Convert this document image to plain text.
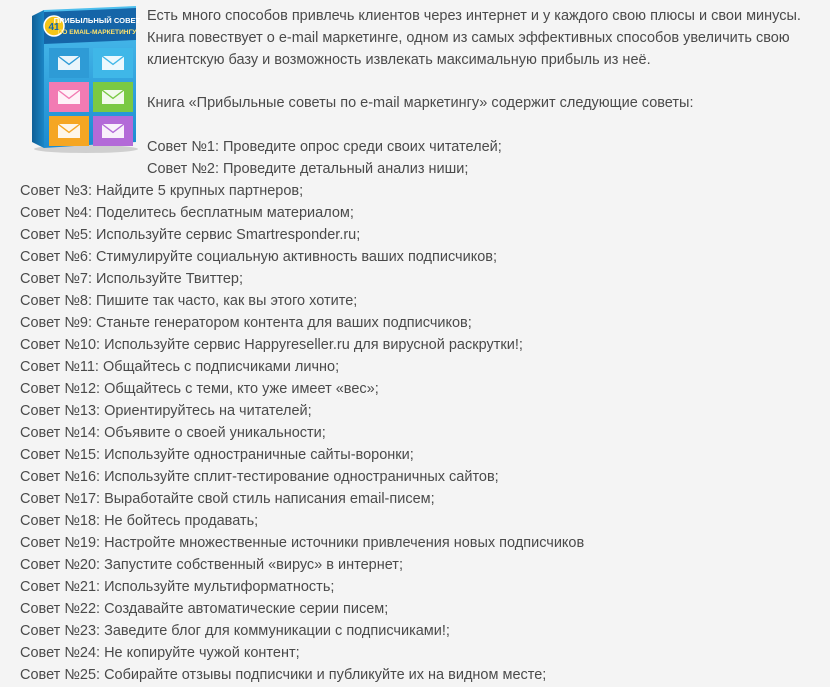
41
ПРИБЫЛЬНЫЙ СОВЕТ
ПО EMAIL-МАРКЕТИНГУ

Есть много способов привлечь клиентов через интернет и у каждого свою плюсы и свои минусы. Книга повествует о e-mail маркетинге, одном из самых эффективных способов увеличить свою клиентскую базу и возможность извлекать максимальную прибыль из неё.

Книга «Прибыльные советы по e-mail маркетингу» содержит следующие советы:

Совет №1: Проведите опрос среди своих читателей;
Совет №2: Проведите детальный анализ ниши;
Совет №3: Найдите 5 крупных партнеров;
Совет №4: Поделитесь бесплатным материалом;
Совет №5: Используйте сервис Smartresponder.ru;
Совет №6: Стимулируйте социальную активность ваших подписчиков;
Совет №7: Используйте Твиттер;
Совет №8: Пишите так часто, как вы этого хотите;
Совет №9: Станьте генератором контента для ваших подписчиков;
Совет №10: Используйте сервис Happyreseller.ru для вирусной раскрутки!;
Совет №11: Общайтесь с подписчиками лично;
Совет №12: Общайтесь с теми, кто уже имеет «вес»;
Совет №13: Ориентируйтесь на читателей;
Совет №14: Объявите о своей уникальности;
Совет №15: Используйте одностраничные сайты-воронки;
Совет №16: Используйте сплит-тестирование одностраничных сайтов;
Совет №17: Выработайте свой стиль написания email-писем;
Совет №18: Не бойтесь продавать;
Совет №19: Настройте множественные источники привлечения новых подписчиков
Совет №20: Запустите собственный «вирус» в интернет;
Совет №21: Используйте мультиформатность;
Совет №22: Создавайте автоматические серии писем;
Совет №23: Заведите блог для коммуникации с подписчиками!;
Совет №24: Не копируйте чужой контент;
Совет №25: Собирайте отзывы подписчики и публикуйте их на видном месте;
